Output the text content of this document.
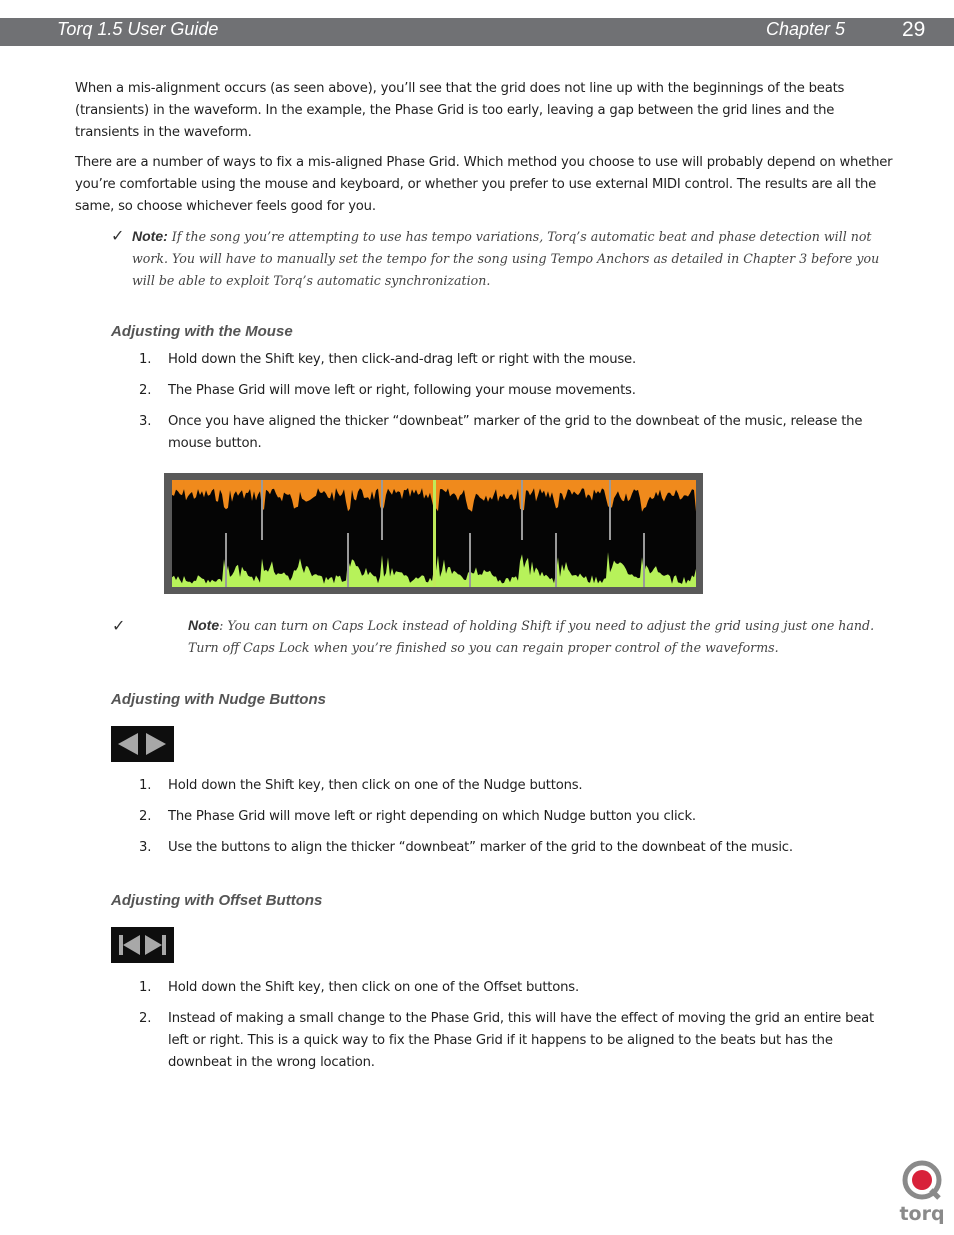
Torq 1.5 User Guide	Chapter 5	29

When a mis-alignment occurs (as seen above), you’ll see that the grid does not line up with the beginnings of the beats (transients) in the waveform. In the example, the Phase Grid is too early, leaving a gap between the grid lines and the transients in the waveform.

There are a number of ways to fix a mis-aligned Phase Grid. Which method you choose to use will probably depend on whether you’re comfortable using the mouse and keyboard, or whether you prefer to use external MIDI control. The results are all the same, so choose whichever feels good for you.

✓ Note: If the song you’re attempting to use has tempo variations, Torq’s automatic beat and phase detection will not work. You will have to manually set the tempo for the song using Tempo Anchors as detailed in Chapter 3 before you will be able to exploit Torq’s automatic synchronization.
Adjusting with the Mouse
1.	Hold down the Shift key, then click-and-drag left or right with the mouse.
2.	The Phase Grid will move left or right, following your mouse movements.
3.	Once you have aligned the thicker “downbeat” marker of the grid to the downbeat of the music, release the mouse button.
✓	Note: You can turn on Caps Lock instead of holding Shift if you need to adjust the grid using just one hand. Turn off Caps Lock when you’re finished so you can regain proper control of the waveforms.
Adjusting with Nudge Buttons
1.	Hold down the Shift key, then click on one of the Nudge buttons.
2.	The Phase Grid will move left or right depending on which Nudge button you click.
3.	Use the buttons to align the thicker “downbeat” marker of the grid to the downbeat of the music.
Adjusting with Offset Buttons
1.	Hold down the Shift key, then click on one of the Offset buttons.
2.	Instead of making a small change to the Phase Grid, this will have the effect of moving the grid an entire beat left or right. This is a quick way to fix the Phase Grid if it happens to be aligned to the beats but has the downbeat in the wrong location.
torq
